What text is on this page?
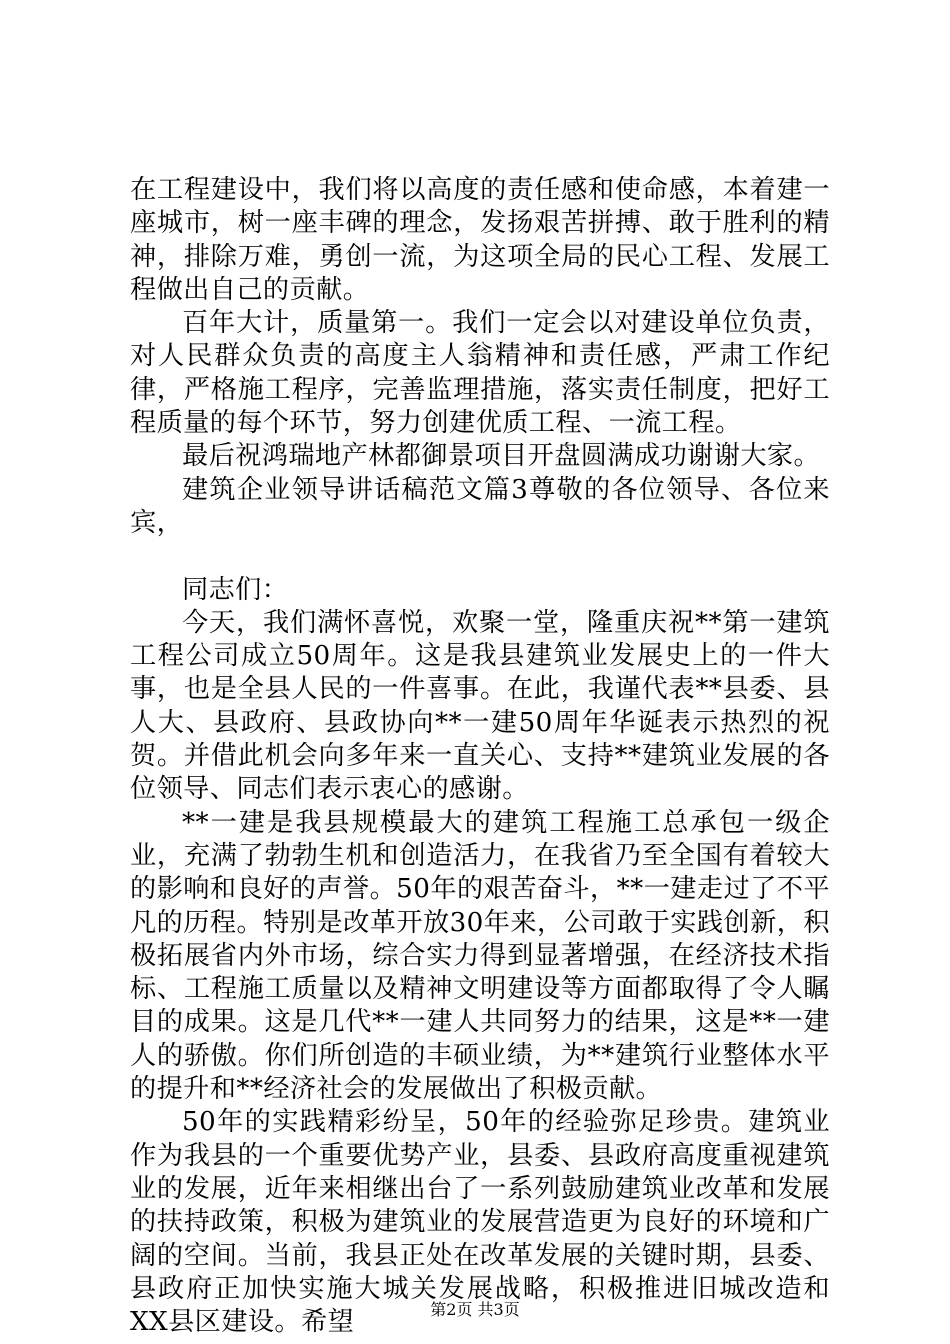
在工程建设中，我们将以高度的责任感和使命感，本着建一座城市，树一座丰碑的理念，发扬艰苦拼搏、敢于胜利的精神，排除万难，勇创一流，为这项全局的民心工程、发展工程做出自己的贡献。

百年大计，质量第一。我们一定会以对建设单位负责，对人民群众负责的高度主人翁精神和责任感，严肃工作纪律，严格施工程序，完善监理措施，落实责任制度，把好工程质量的每个环节，努力创建优质工程、一流工程。

最后祝鸿瑞地产林都御景项目开盘圆满成功谢谢大家。

建筑企业领导讲话稿范文篇3尊敬的各位领导、各位来宾，

同志们：

今天，我们满怀喜悦，欢聚一堂，隆重庆祝**第一建筑工程公司成立50周年。这是我县建筑业发展史上的一件大事，也是全县人民的一件喜事。在此，我谨代表**县委、县人大、县政府、县政协向**一建50周年华诞表示热烈的祝贺。并借此机会向多年来一直关心、支持**建筑业发展的各位领导、同志们表示衷心的感谢。

**一建是我县规模最大的建筑工程施工总承包一级企业，充满了勃勃生机和创造活力，在我省乃至全国有着较大的影响和良好的声誉。50年的艰苦奋斗，**一建走过了不平凡的历程。特别是改革开放30年来，公司敢于实践创新，积极拓展省内外市场，综合实力得到显著增强，在经济技术指标、工程施工质量以及精神文明建设等方面都取得了令人瞩目的成果。这是几代**一建人共同努力的结果，这是**一建人的骄傲。你们所创造的丰硕业绩，为**建筑行业整体水平的提升和**经济社会的发展做出了积极贡献。

50年的实践精彩纷呈，50年的经验弥足珍贵。建筑业作为我县的一个重要优势产业，县委、县政府高度重视建筑业的发展，近年来相继出台了一系列鼓励建筑业改革和发展的扶持政策，积极为建筑业的发展营造更为良好的环境和广阔的空间。当前，我县正处在改革发展的关键时期，县委、县政府正加快实施大城关发展战略，积极推进旧城改造和XX县区建设。希望	第2页 共3页
